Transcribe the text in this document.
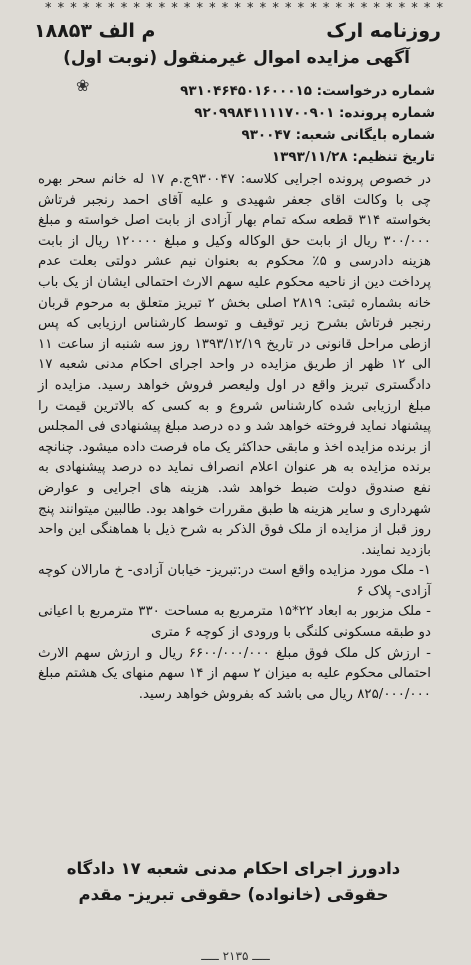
* * * * * * * * * * * * * * * * * * * * * * * * * * * * * * * *
روزنامه ارک
م الف ۱۸۸۵۳
آگهی مزایده اموال غیرمنقول (نوبت اول)
❀	شماره درخواست: ۹۳۱۰۴۶۴۵۰۱۶۰۰۰۱۵
شماره پرونده: ۹۲۰۹۹۸۴۱۱۱۱۷۰۰۹۰۱
شماره بایگانی شعبه: ۹۳۰۰۴۷
تاریخ تنظیم: ۱۳۹۳/۱۱/۲۸

در خصوص پرونده اجرایی کلاسه: ۹۳۰۰۴۷ج.م ۱۷ له خانم سحر بهره چی با وکالت اقای جعفر شهیدی و علیه آقای احمد رنجبر فرتاش بخواسته ۳۱۴ قطعه سکه تمام بهار آزادی از بابت اصل خواسته و مبلغ ۳۰۰/۰۰۰ ریال از بابت حق الوکاله وکیل و مبلغ ۱۲۰۰۰۰ ریال از بابت هزینه دادرسی و ۵٪ محکوم به بعنوان نیم عشر دولتی بعلت عدم پرداخت دین از ناحیه محکوم علیه سهم الارث احتمالی ایشان از یک باب خانه بشماره ثبتی: ۲۸۱۹ اصلی بخش ۲ تبریز متعلق به مرحوم قربان رنجبر فرتاش بشرح زیر توقیف و توسط کارشناس ارزیابی که پس ازطی مراحل قانونی در تاریخ ۱۳۹۳/۱۲/۱۹ روز سه شنبه از ساعت ۱۱ الی ۱۲ ظهر از طریق مزایده در واحد اجرای احکام مدنی شعبه ۱۷ دادگستری تبریز واقع در اول ولیعصر فروش خواهد رسید. مزایده از مبلغ ارزیابی شده کارشناس شروع و به کسی که بالاترین قیمت را پیشنهاد نماید فروخته خواهد شد و ده درصد مبلغ پیشنهادی فی المجلس از برنده مزایده اخذ و مابقی حداکثر یک ماه فرصت داده میشود. چنانچه برنده مزایده به هر عنوان اعلام انصراف نماید ده درصد پیشنهادی به نفع صندوق دولت ضبط خواهد شد. هزینه های اجرایی و عوارض شهرداری و سایر هزینه ها طبق مقررات خواهد بود. طالبین میتوانند پنج روز قبل از مزایده از ملک فوق الذکر به شرح ذیل با هماهنگی این واحد بازدید نمایند.

۱- ملک مورد مزایده واقع است در:تبریز- خیابان آزادی- خ مارالان کوچه آزادی- پلاک ۶

- ملک مزبور به ابعاد ۲۲*۱۵ مترمربع به مساحت ۳۳۰ مترمربع با اعیانی دو طبقه مسکونی کلنگی با ورودی از کوچه ۶ متری

- ارزش کل ملک فوق مبلغ ۶۶۰۰/۰۰۰/۰۰۰ ریال و ارزش سهم الارث احتمالی محکوم علیه به میزان ۲ سهم از ۱۴ سهم منهای یک هشتم مبلغ ۸۲۵/۰۰۰/۰۰۰ ریال می باشد که بفروش خواهد رسید.

دادورز اجرای احکام مدنی شعبه ۱۷ دادگاه
حقوقی (خانواده) حقوقی تبریز- مقدم
ـــــ ۲۱۳۵ ـــــ
